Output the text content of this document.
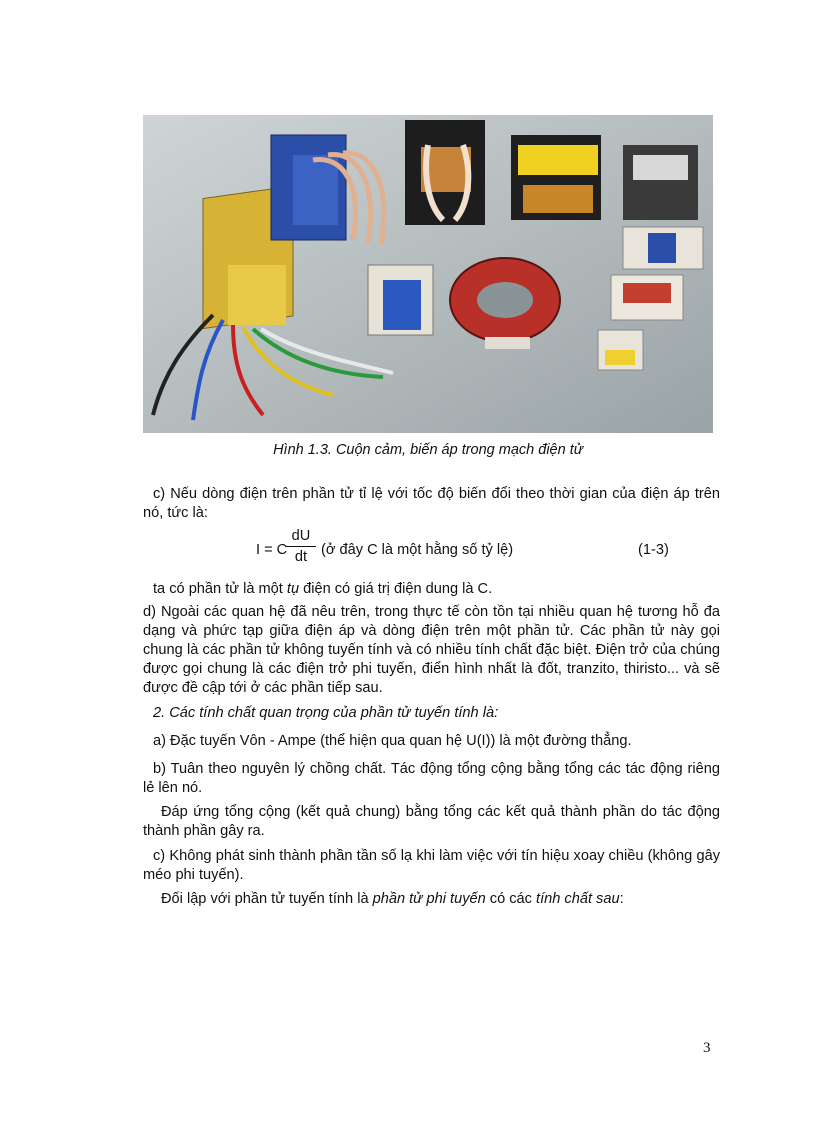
Hình 1.3. Cuộn cảm, biến áp trong mạch điện tử
c) Nếu dòng điện trên phần tử tỉ lệ với tốc độ biến đổi theo thời gian của điện áp trên nó, tức là:
I = C
$\frac{dU}{dt}$ (ở đây C là một hằng số tỷ lệ)	(1-3)
ta có phần tử là một tụ điện có giá trị điện dung là C.
d) Ngoài các quan hệ đã nêu trên, trong thực tế còn tồn tại nhiều quan hệ tương hỗ đa dạng và phức tạp giữa điện áp và dòng điện trên một phần tử. Các phần tử này gọi chung là các phần tử không tuyến tính và có nhiều tính chất đặc biệt. Điện trở của chúng được gọi chung là các điện trở phi tuyến, điển hình nhất là đốt, tranzito, thiristo... và sẽ được đề cập tới ở các phần tiếp sau.
2. Các tính chất quan trọng của phần tử tuyến tính là:
a) Đặc tuyến Vôn - Ampe (thể hiện qua quan hệ U(I)) là một đường thẳng.
b) Tuân theo nguyên lý chồng chất. Tác động tổng cộng bằng tổng các tác động riêng lẻ lên nó.
Đáp ứng tổng cộng (kết quả chung) bằng tổng các kết quả thành phần do tác động thành phần gây ra.
c) Không phát sinh thành phần tần số lạ khi làm việc với tín hiệu xoay chiều (không gây méo phi tuyến).
Đối lập với phần tử tuyến tính là phần tử phi tuyến có các tính chất sau:
3
